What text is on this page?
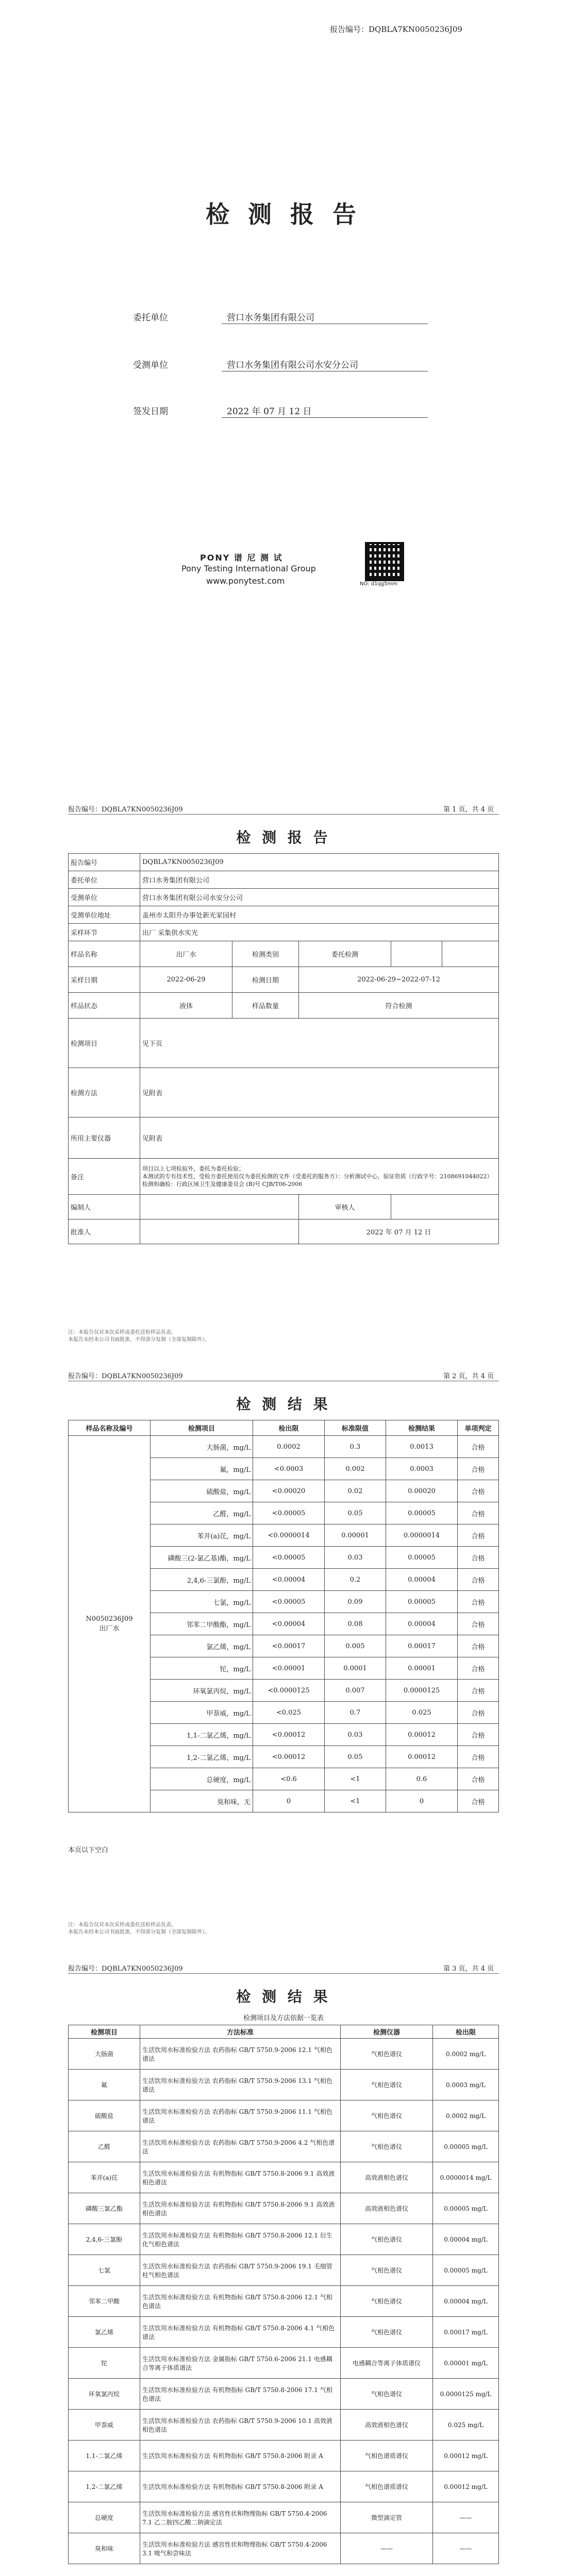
报告编号：DQBLA7KN0050236J09
检 测 报 告
委托单位	营口水务集团有限公司
受测单位	营口水务集团有限公司水安分公司
签发日期	2022 年 07 月 12 日
PONY 谱 尼 测 试
Pony Testing International Group
www.ponytest.com	NO: d1qg5mm
报告编号：DQBLA7KN0050236J09	第 1 页，共 4 页
检 测 报 告
报告编号	DQBLA7KN0050236J09				
委托单位	营口水务集团有限公司				
受测单位	营口水务集团有限公司水安分公司				
受测单位地址	盖州市太阳升办事处新光家园村				
采样环节	出厂 采集供水实光				
样品名称	出厂水	检测类别	委托检测		
采样日期	2022-06-29	检测日期	2022-06-29~2022-07-12		
样品状态	液体	样品数量	符合检测		
检测项目	见下页				
检测方法	见附表				
所用主要仪器	见附表				
备注	项目以上七项检验外，委托为委托检验；
本测试的专有技术性，受检方委托使用仅为委托检测的文件（受委托的服务方）：分析测试中心，验证资质（行政字号：2108691044022）
检测和确检：行政区域卫生及健康委员会 (B)号 CJB/T06-2006				
编制人			审核人		
批准人			2022 年 07 月 12 日		
注：本报告仅对本次采样或委托送检样品负责。
本报告未经本公司书面批准，不得部分复制（全部复制除外）。
报告编号：DQBLA7KN0050236J09	第 2 页，共 4 页
检 测 结 果
样品名称及编号	检测项目	检出限	标准限值	检测结果	单项判定
N0050236J09
出厂水	大肠菌，mg/L	0.0002	0.3	0.0013	合格
	氟，mg/L	<0.0003	0.002	0.0003	合格
	硫酸盐，mg/L	<0.00020	0.02	0.00020	合格
	乙醛，mg/L	<0.00005	0.05	0.00005	合格
	苯并(a)芘，mg/L	<0.0000014	0.00001	0.0000014	合格
	磷酸三(2-氯乙基)酯，mg/L	<0.00005	0.03	0.00005	合格
	2,4,6-三氯酚，mg/L	<0.00004	0.2	0.00004	合格
	七氯，mg/L	<0.00005	0.09	0.00005	合格
	邻苯二甲酸酯，mg/L	<0.00004	0.08	0.00004	合格
	氯乙烯，mg/L	<0.00017	0.005	0.00017	合格
	铊，mg/L	<0.00001	0.0001	0.00001	合格
	环氧氯丙烷，mg/L	<0.0000125	0.007	0.0000125	合格
	甲萘威，mg/L	<0.025	0.7	0.025	合格
	1,1-二氯乙烯，mg/L	<0.00012	0.03	0.00012	合格
	1,2-二氯乙烯，mg/L	<0.00012	0.05	0.00012	合格
	总硬度，mg/L	<0.6	<1	0.6	合格
	臭和味，无	0	<1	0	合格
本页以下空白
注：本报告仅对本次采样或委托送检样品负责。
本报告未经本公司书面批准，不得部分复制（全部复制除外）。
报告编号：DQBLA7KN0050236J09	第 3 页，共 4 页
检 测 结 果
检测项目及方法依据一览表
检测项目	方法标准	检测仪器	检出限
大肠菌	生活饮用水标准检验方法 农药指标 GB/T 5750.9-2006 12.1 气相色谱法	气相色谱仪	0.0002 mg/L
氟	生活饮用水标准检验方法 农药指标 GB/T 5750.9-2006 13.1 气相色谱法	气相色谱仪	0.0003 mg/L
硫酸盐	生活饮用水标准检验方法 农药指标 GB/T 5750.9-2006 11.1 气相色谱法	气相色谱仪	0.0002 mg/L
乙醛	生活饮用水标准检验方法 农药指标 GB/T 5750.9-2006 4.2 气相色谱法	气相色谱仪	0.00005 mg/L
苯并(a)芘	生活饮用水标准检验方法 有机物指标 GB/T 5750.8-2006 9.1 高效液相色谱法	高效液相色谱仪	0.0000014 mg/L
磷酸三氯乙酯	生活饮用水标准检验方法 有机物指标 GB/T 5750.8-2006 9.1 高效液相色谱法	高效液相色谱仪	0.00005 mg/L
2,4,6-三氯酚	生活饮用水标准检验方法 有机物指标 GB/T 5750.8-2006 12.1 衍生化气相色谱法	气相色谱仪	0.00004 mg/L
七氯	生活饮用水标准检验方法 农药指标 GB/T 5750.9-2006 19.1 毛细管柱气相色谱法	气相色谱仪	0.00005 mg/L
邻苯二甲酸	生活饮用水标准检验方法 有机物指标 GB/T 5750.8-2006 12.1 气相色谱法	气相色谱仪	0.00004 mg/L
氯乙烯	生活饮用水标准检验方法 有机物指标 GB/T 5750.8-2006 4.1 气相色谱法	气相色谱仪	0.00017 mg/L
铊	生活饮用水标准检验方法 金属指标 GB/T 5750.6-2006 21.1 电感耦合等离子体质谱法	电感耦合等离子体质谱仪	0.00001 mg/L
环氧氯丙烷	生活饮用水标准检验方法 有机物指标 GB/T 5750.8-2006 17.1 气相色谱法	气相色谱仪	0.0000125 mg/L
甲萘威	生活饮用水标准检验方法 农药指标 GB/T 5750.9-2006 10.1 高效液相色谱法	高效液相色谱仪	0.025 mg/L
1,1-二氯乙烯	生活饮用水标准检验方法 有机物指标 GB/T 5750.8-2006 附录 A	气相色谱质谱仪	0.00012 mg/L
1,2-二氯乙烯	生活饮用水标准检验方法 有机物指标 GB/T 5750.8-2006 附录 A	气相色谱质谱仪	0.00012 mg/L
总硬度	生活饮用水标准检验方法 感官性状和物理指标 GB/T 5750.4-2006 7.1 乙二胺四乙酸二钠滴定法	微型滴定管	——
臭和味	生活饮用水标准检验方法 感官性状和物理指标 GB/T 5750.4-2006 3.1 嗅气和尝味法	——	——
